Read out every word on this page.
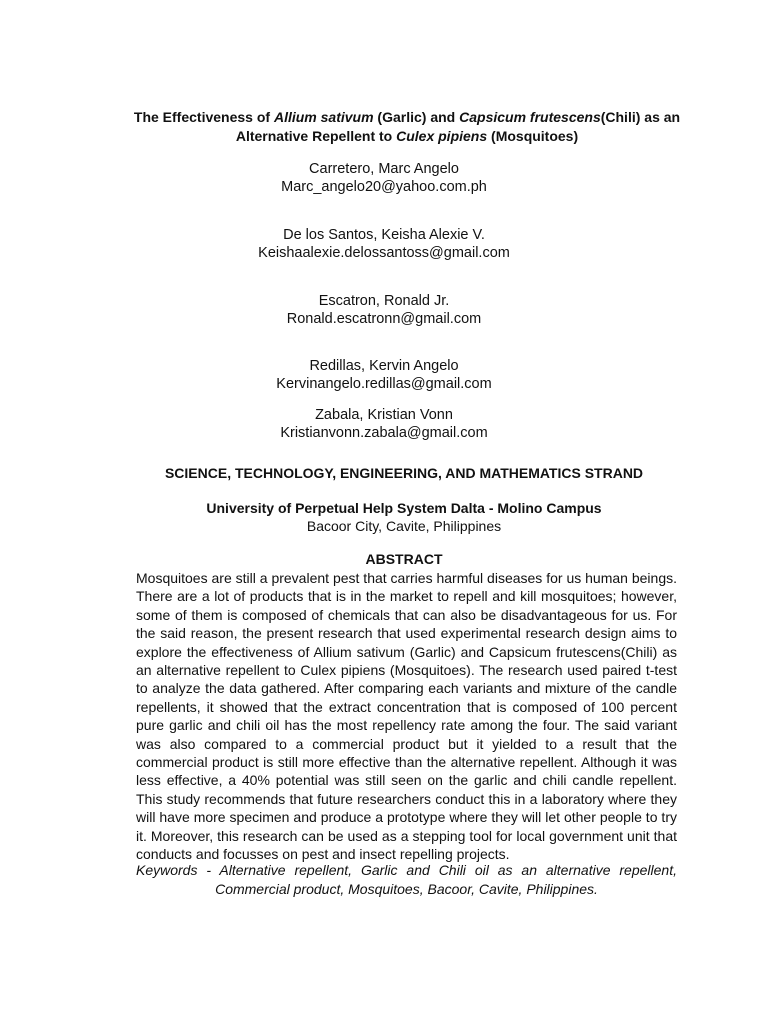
The Effectiveness of Allium sativum (Garlic) and Capsicum frutescens(Chili) as an Alternative Repellent to Culex pipiens (Mosquitoes)
Carretero, Marc Angelo
Marc_angelo20@yahoo.com.ph
De los Santos, Keisha Alexie V.
Keishaalexie.delossantoss@gmail.com
Escatron, Ronald Jr.
Ronald.escatronn@gmail.com
Redillas, Kervin Angelo
Kervinangelo.redillas@gmail.com
Zabala, Kristian Vonn
Kristianvonn.zabala@gmail.com
SCIENCE, TECHNOLOGY, ENGINEERING, AND MATHEMATICS STRAND
University of Perpetual Help System Dalta - Molino Campus
Bacoor City, Cavite, Philippines
ABSTRACT
Mosquitoes are still a prevalent pest that carries harmful diseases for us human beings. There are a lot of products that is in the market to repell and kill mosquitoes; however, some of them is composed of chemicals that can also be disadvantageous for us. For the said reason, the present research that used experimental research design aims to explore the effectiveness of Allium sativum (Garlic) and Capsicum frutescens(Chili) as an alternative repellent to Culex pipiens (Mosquitoes). The research used paired t-test to analyze the data gathered. After comparing each variants and mixture of the candle repellents, it showed that the extract concentration that is composed of 100 percent pure garlic and chili oil has the most repellency rate among the four. The said variant was also compared to a commercial product but it yielded to a result that the commercial product is still more effective than the alternative repellent. Although it was less effective, a 40% potential was still seen on the garlic and chili candle repellent. This study recommends that future researchers conduct this in a laboratory where they will have more specimen and produce a prototype where they will let other people to try it. Moreover, this research can be used as a stepping tool for local government unit that conducts and focusses on pest and insect repelling projects.
Keywords - Alternative repellent, Garlic and Chili oil as an alternative repellent, Commercial product, Mosquitoes, Bacoor, Cavite, Philippines.
